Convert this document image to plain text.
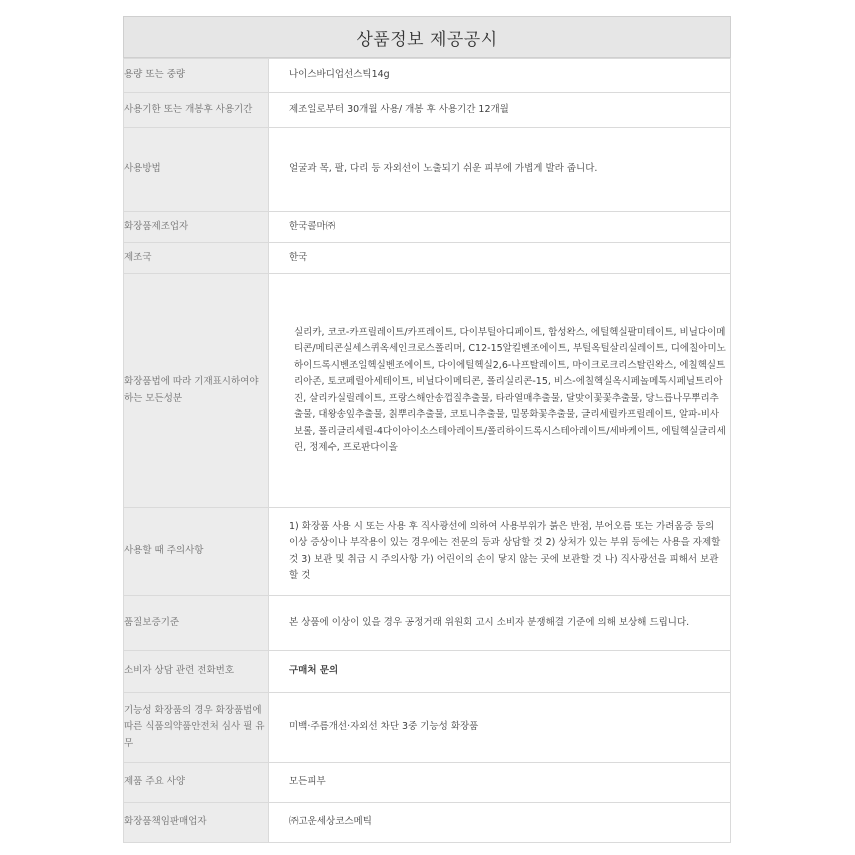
상품정보 제공공시
용량 또는 중량	나이스바디업선스틱14g

사용기한 또는 개봉후 사용기간	제조일로부터 30개월 사용/ 개봉 후 사용기간 12개월

사용방법	얼굴과 목, 팔, 다리 등 자외선이 노출되기 쉬운 피부에 가볍게 발라 줍니다.

화장품제조업자	한국콜마㈜

제조국	한국

화장품법에 따라 기재표시하여야 하는 모든성분	실리카, 코코-카프릴레이트/카프레이트, 다이부틸아디페이트, 합성왁스, 에틸헥실팔미테이트, 비닐다이메티콘/메티콘실세스퀴옥세인크로스폴리머, C12-15알킬벤조에이트, 부틸옥틸살리실레이트, 디에칠아미노하이드록시벤조일헥실벤조에이트, 다이에틸헥실2,6-나프탈레이트, 마이크로크리스탈린왁스, 에칠헥실트리아존, 토코페릴아세테이트, 비닐다이메티콘, 폴리실리콘-15, 비스-에칠헥실옥시페놀메톡시페닐트리아진, 살리카실릴레이트, 프랑스해안송껍질추출물, 타라열매추출물, 달맞이꽃꽃추출물, 당느릅나무뿌리추출물, 대왕송잎추출물, 칡뿌리추출물, 코토니추출물, 밀몽화꽃추출물, 글리세릴카프릴레이트, 알파-비사보롤, 폴리글리세릴-4다이아이소스테아레이트/폴리하이드록시스테아레이트/세바케이트, 에틸헥실글리세린, 정제수, 프로판다이올

사용할 때 주의사항	1) 화장품 사용 시 또는 사용 후 직사광선에 의하여 사용부위가 붉은 반점, 부어오름 또는 가려움증 등의 이상 증상이나 부작용이 있는 경우에는 전문의 등과 상담할 것 2) 상처가 있는 부위 등에는 사용을 자제할 것 3) 보관 및 취급 시 주의사항 가) 어린이의 손이 닿지 않는 곳에 보관할 것 나) 직사광선을 피해서 보관할 것

품질보증기준	본 상품에 이상이 있을 경우 공정거래 위원회 고시 소비자 분쟁해결 기준에 의해 보상해 드립니다.

소비자 상담 관련 전화번호	구매처 문의

기능성 화장품의 경우 화장품법에 따른 식품의약품안전처 심사 필 유무	미백·주름개선·자외선 차단 3중 기능성 화장품

제품 주요 사양	모든피부

화장품책임판매업자	㈜고운세상코스메틱
